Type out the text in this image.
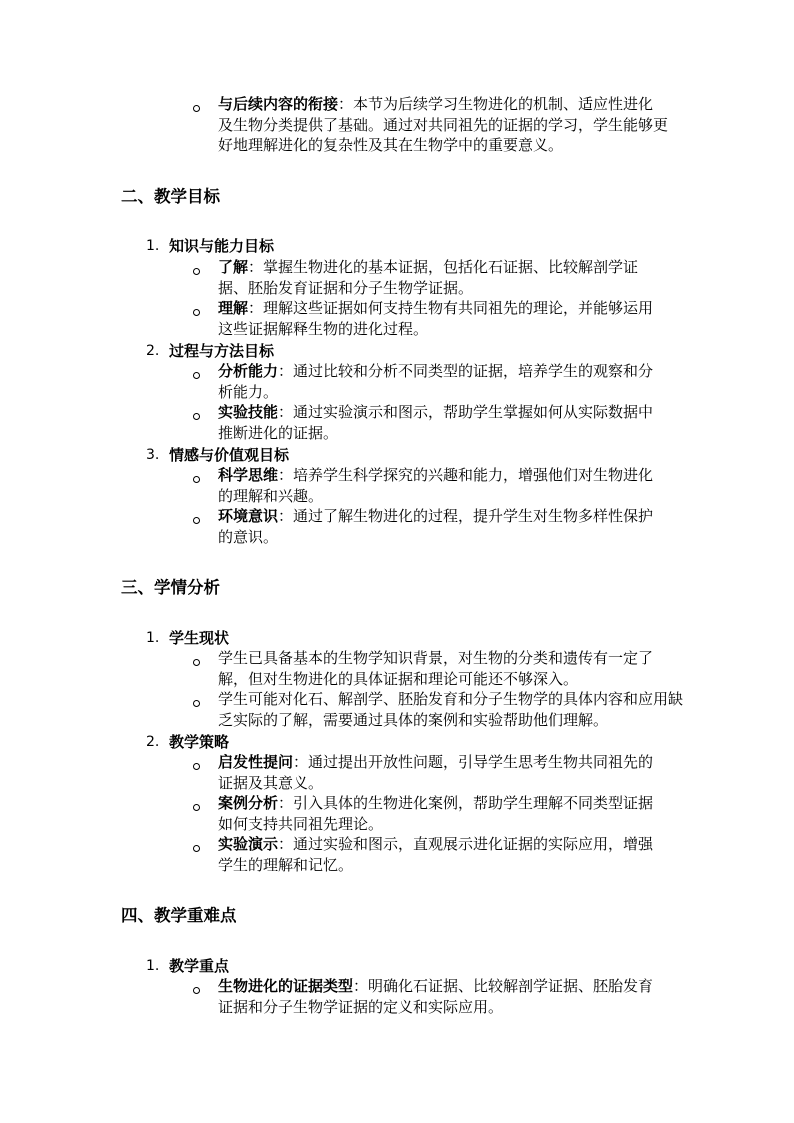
与后续内容的衔接：本节为后续学习生物进化的机制、适应性进化及生物分类提供了基础。通过对共同祖先的证据的学习，学生能够更好地理解进化的复杂性及其在生物学中的重要意义。
二、教学目标
1. 知识与能力目标
了解：掌握生物进化的基本证据，包括化石证据、比较解剖学证据、胚胎发育证据和分子生物学证据。
理解：理解这些证据如何支持生物有共同祖先的理论，并能够运用这些证据解释生物的进化过程。
2. 过程与方法目标
分析能力：通过比较和分析不同类型的证据，培养学生的观察和分析能力。
实验技能：通过实验演示和图示，帮助学生掌握如何从实际数据中推断进化的证据。
3. 情感与价值观目标
科学思维：培养学生科学探究的兴趣和能力，增强他们对生物进化的理解和兴趣。
环境意识：通过了解生物进化的过程，提升学生对生物多样性保护的意识。
三、学情分析
1. 学生现状
学生已具备基本的生物学知识背景，对生物的分类和遗传有一定了解，但对生物进化的具体证据和理论可能还不够深入。
学生可能对化石、解剖学、胚胎发育和分子生物学的具体内容和应用缺乏实际的了解，需要通过具体的案例和实验帮助他们理解。
2. 教学策略
启发性提问：通过提出开放性问题，引导学生思考生物共同祖先的证据及其意义。
案例分析：引入具体的生物进化案例，帮助学生理解不同类型证据如何支持共同祖先理论。
实验演示：通过实验和图示，直观展示进化证据的实际应用，增强学生的理解和记忆。
四、教学重难点
1. 教学重点
生物进化的证据类型：明确化石证据、比较解剖学证据、胚胎发育证据和分子生物学证据的定义和实际应用。
